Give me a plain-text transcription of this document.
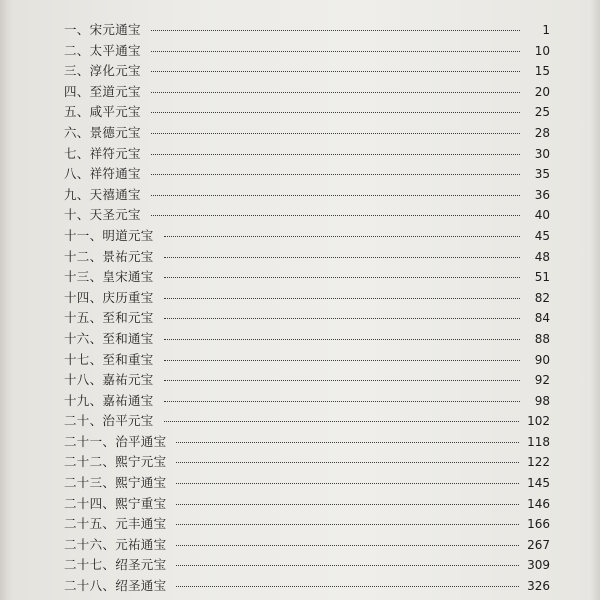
一、宋元通宝	1
二、太平通宝	10
三、淳化元宝	15
四、至道元宝	20
五、咸平元宝	25
六、景德元宝	28
七、祥符元宝	30
八、祥符通宝	35
九、天禧通宝	36
十、天圣元宝	40
十一、明道元宝	45
十二、景祐元宝	48
十三、皇宋通宝	51
十四、庆历重宝	82
十五、至和元宝	84
十六、至和通宝	88
十七、至和重宝	90
十八、嘉祐元宝	92
十九、嘉祐通宝	98
二十、治平元宝	102
二十一、治平通宝	118
二十二、熙宁元宝	122
二十三、熙宁通宝	145
二十四、熙宁重宝	146
二十五、元丰通宝	166
二十六、元祐通宝	267
二十七、绍圣元宝	309
二十八、绍圣通宝	326
